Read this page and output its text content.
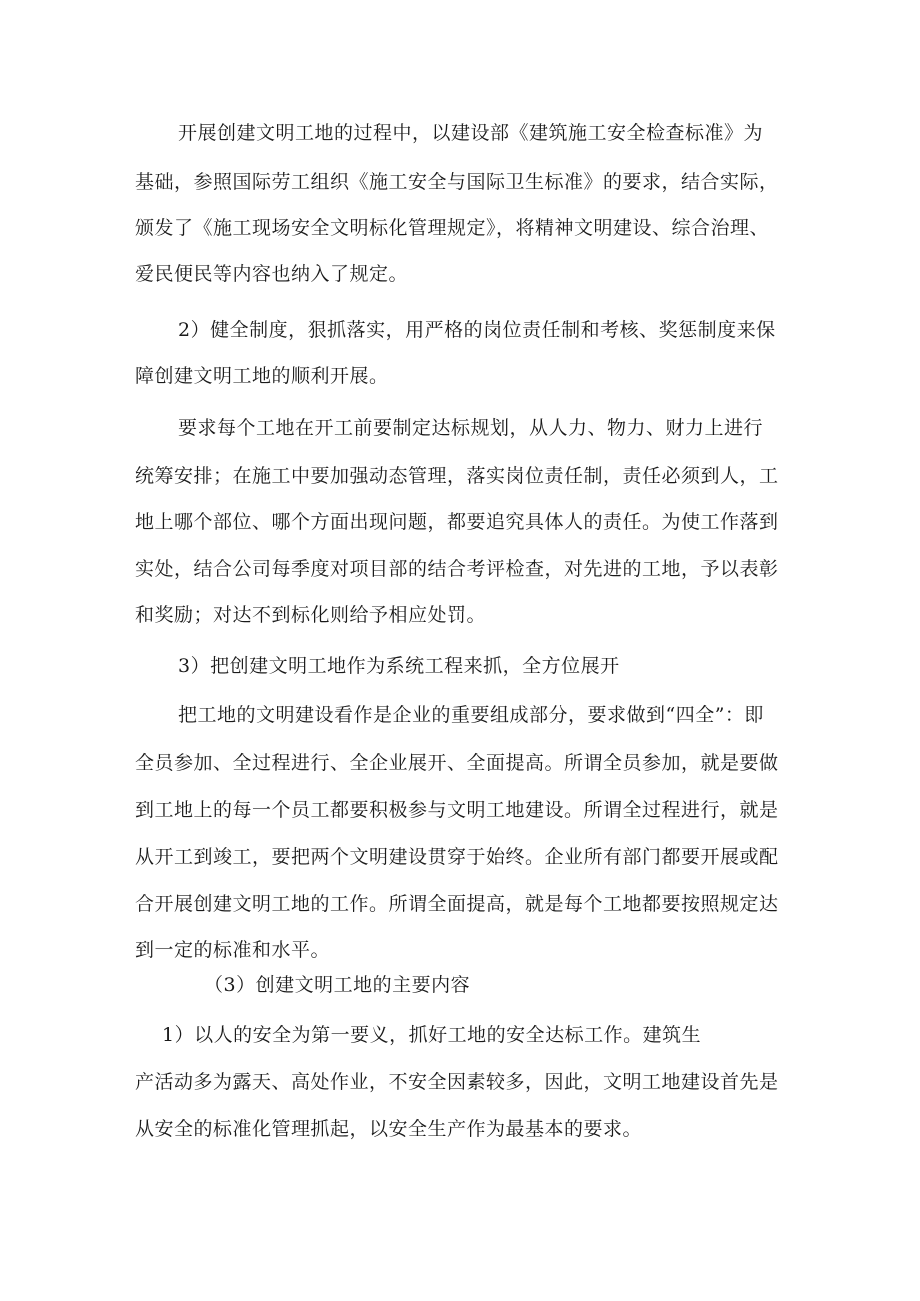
开展创建文明工地的过程中，以建设部《建筑施工安全检查标准》为
基础，参照国际劳工组织《施工安全与国际卫生标准》的要求，结合实际，
颁发了《施工现场安全文明标化管理规定》，将精神文明建设、综合治理、
爱民便民等内容也纳入了规定。
2）健全制度，狠抓落实，用严格的岗位责任制和考核、奖惩制度来保
障创建文明工地的顺利开展。
要求每个工地在开工前要制定达标规划，从人力、物力、财力上进行
统筹安排；在施工中要加强动态管理，落实岗位责任制，责任必须到人，工
地上哪个部位、哪个方面出现问题，都要追究具体人的责任。为使工作落到
实处，结合公司每季度对项目部的结合考评检查，对先进的工地，予以表彰
和奖励；对达不到标化则给予相应处罚。
3）把创建文明工地作为系统工程来抓，全方位展开
把工地的文明建设看作是企业的重要组成部分，要求做到“四全”：即
全员参加、全过程进行、全企业展开、全面提高。所谓全员参加，就是要做
到工地上的每一个员工都要积极参与文明工地建设。所谓全过程进行，就是
从开工到竣工，要把两个文明建设贯穿于始终。企业所有部门都要开展或配
合开展创建文明工地的工作。所谓全面提高，就是每个工地都要按照规定达
到一定的标准和水平。
（3）创建文明工地的主要内容
1）以人的安全为第一要义，抓好工地的安全达标工作。建筑生
产活动多为露天、高处作业，不安全因素较多，因此，文明工地建设首先是
从安全的标准化管理抓起，以安全生产作为最基本的要求。
